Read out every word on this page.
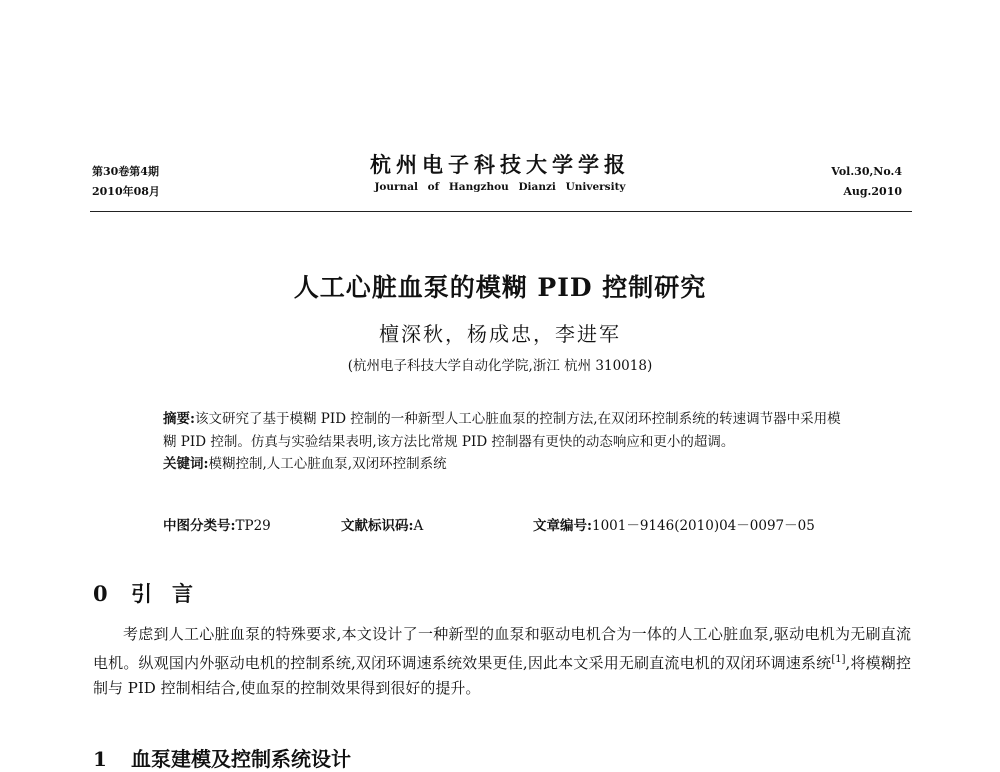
第30卷第4期
2010年08月
杭州电子科技大学学报
Journal of Hangzhou Dianzi University
Vol.30,No.4
Aug.2010
人工心脏血泵的模糊 PID 控制研究
檀深秋，杨成忠，李进军
(杭州电子科技大学自动化学院,浙江 杭州 310018)

摘要:该文研究了基于模糊 PID 控制的一种新型人工心脏血泵的控制方法,在双闭环控制系统的转速调节器中采用模糊 PID 控制。仿真与实验结果表明,该方法比常规 PID 控制器有更快的动态响应和更小的超调。

关键词:模糊控制,人工心脏血泵,双闭环控制系统

中图分类号:TP29	文献标识码:A	文章编号:1001－9146(2010)04－0097－05
0 引言

考虑到人工心脏血泵的特殊要求,本文设计了一种新型的血泵和驱动电机合为一体的人工心脏血泵,驱动电机为无刷直流电机。纵观国内外驱动电机的控制系统,双闭环调速系统效果更佳,因此本文采用无刷直流电机的双闭环调速系统[1],将模糊控制与 PID 控制相结合,使血泵的控制效果得到很好的提升。

1 血泵建模及控制系统设计
